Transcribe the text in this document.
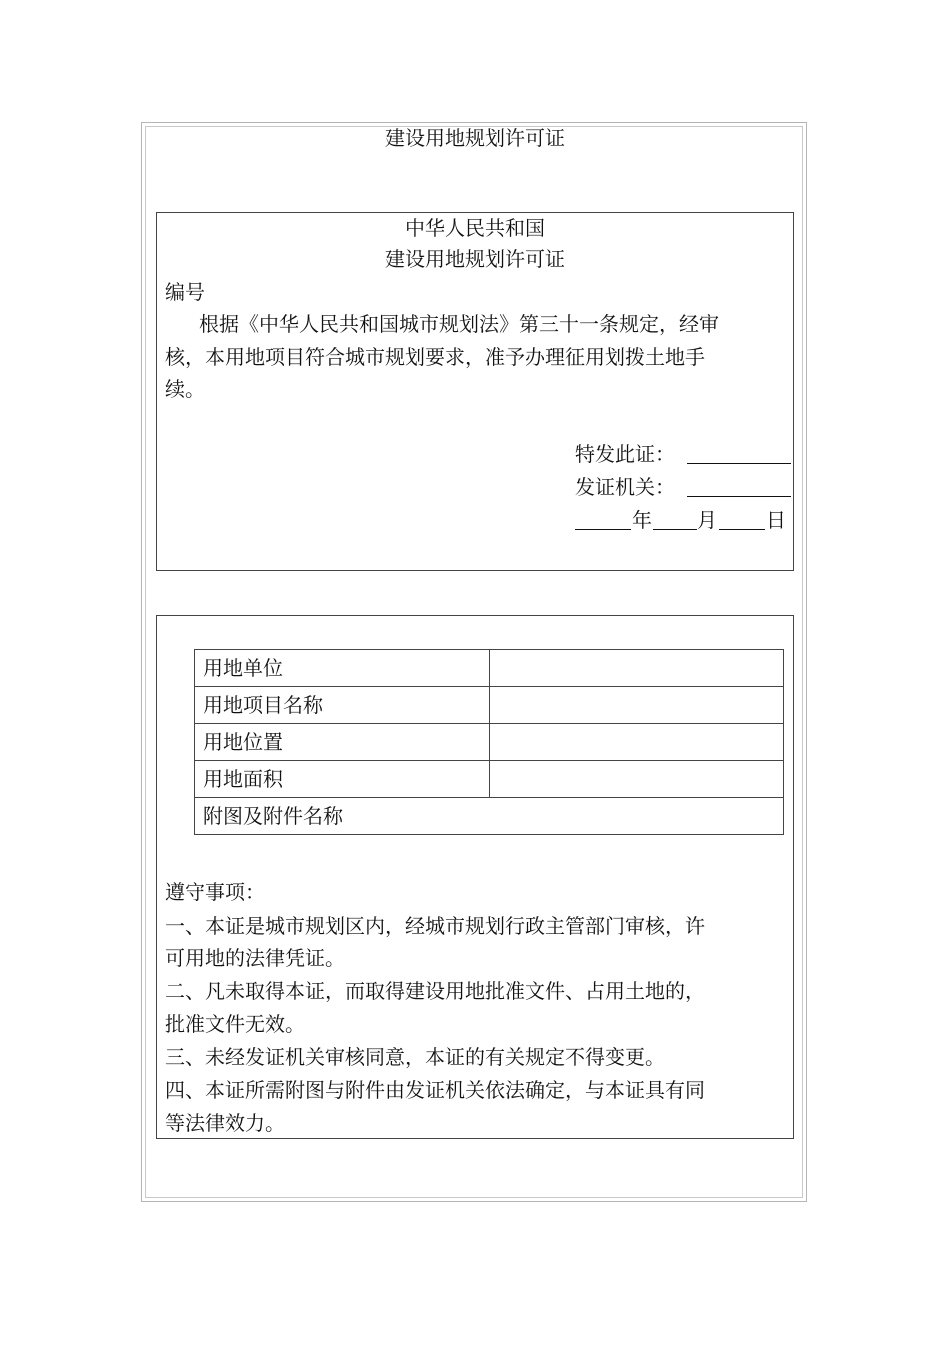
建设用地规划许可证
中华人民共和国
建设用地规划许可证
编号
根据《中华人民共和国城市规划法》第三十一条规定，经审
核，本用地项目符合城市规划要求，准予办理征用划拨土地手
续。
特发此证：
发证机关：
年 月 日
用地单位	
用地项目名称	
用地位置	
用地面积	
附图及附件名称	
遵守事项：
一、本证是城市规划区内，经城市规划行政主管部门审核，许
可用地的法律凭证。
二、凡未取得本证，而取得建设用地批准文件、占用土地的，
批准文件无效。
三、未经发证机关审核同意，本证的有关规定不得变更。
四、本证所需附图与附件由发证机关依法确定，与本证具有同
等法律效力。
